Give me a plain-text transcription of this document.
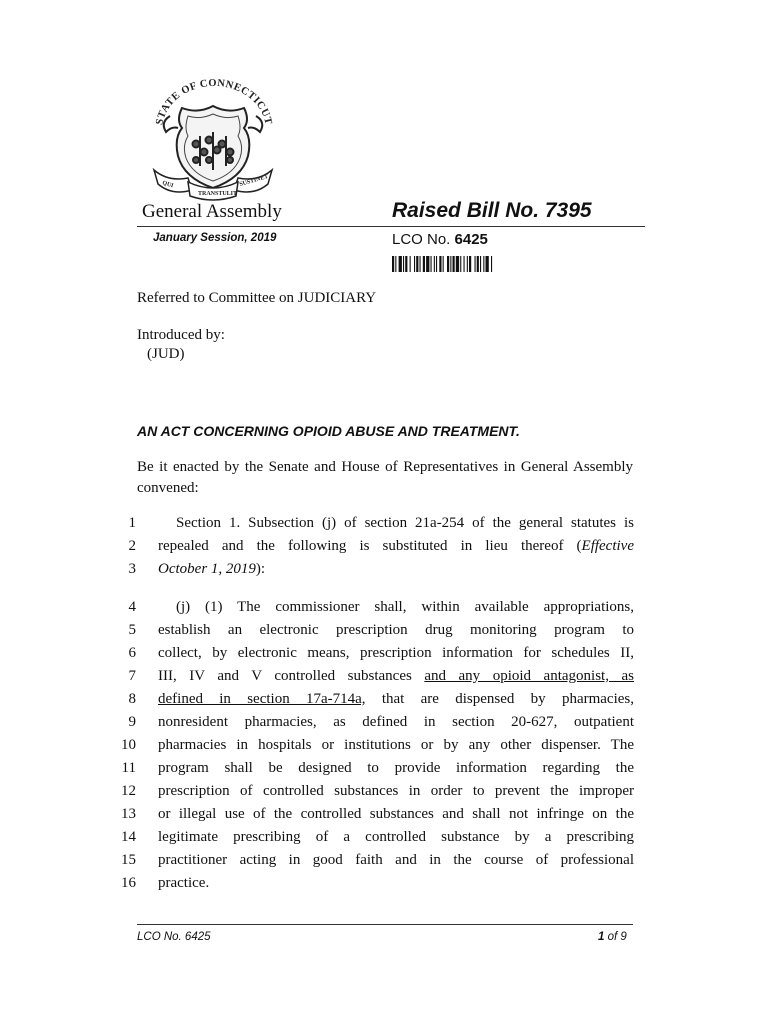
STATE OF CONNECTICUT
QUI
TRANSTULIT
SUSTINET
General Assembly	Raised Bill No. 7395
January Session, 2019	LCO No. 6425
Referred to Committee on JUDICIARY
Introduced by:
(JUD)
AN ACT CONCERNING OPIOID ABUSE AND TREATMENT.
Be it enacted by the Senate and House of Representatives in General Assembly convened:
1	Section 1. Subsection (j) of section 21a-254 of the general statutes is
2 repealed and the following is substituted in lieu thereof (Effective
3 October 1, 2019):
4	(j) (1) The commissioner shall, within available appropriations,
5 establish an electronic prescription drug monitoring program to
6 collect, by electronic means, prescription information for schedules II,
7 III, IV and V controlled substances and any opioid antagonist, as
8 defined in section 17a-714a, that are dispensed by pharmacies,
9 nonresident pharmacies, as defined in section 20-627, outpatient
10 pharmacies in hospitals or institutions or by any other dispenser. The
11 program shall be designed to provide information regarding the
12 prescription of controlled substances in order to prevent the improper
13 or illegal use of the controlled substances and shall not infringe on the
14 legitimate prescribing of a controlled substance by a prescribing
15 practitioner acting in good faith and in the course of professional
16 practice.
LCO No. 6425	1 of 9
